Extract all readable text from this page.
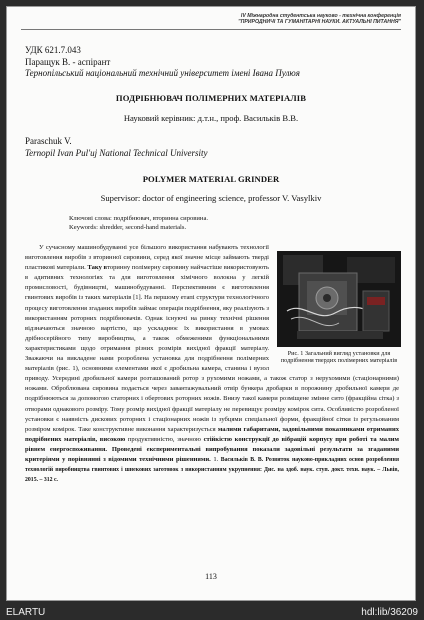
IV Міжнародна студентська науково - технічна конференція
"ПРИРОДНИЧІ ТА ГУМАНІТАРНІ НАУКИ. АКТУАЛЬНІ ПИТАННЯ"
УДК 621.7.043
Паращук В. - аспірант
Тернопільський національний технічний університет імені Івана Пулюя
ПОДРІБНЮВАЧ ПОЛІМЕРНИХ МАТЕРІАЛІВ
Науковий керівник: д.т.н., проф. Васильків В.В.
Paraschuk V.
Ternopil Ivan Pul'uj National Technical University
POLYMER MATERIAL GRINDER
Supervisor: doctor of engineering science, professor V. Vasylkiv
Ключові слова: подрібнювач, вторинна сировина.
Keywords: shredder, second-hand materials.
Рис. 1 Загальний вигляд установки для подрібнення твердих полімерних матеріалів
У сучасному машинобудуванні усе більшого використання набувають технології виготовлення виробів з вторинної сировини, серед якої значне місце займають тверді пластикові матеріали. Таку вторинну полімерну сировину найчастіше використовують в адитивних технологіях та для виготовлення хімічного волокна у легкій промисловості, будівництві, машинобудуванні. Перспективним є виготовлення гвинтових виробів із таких матеріалів [1]. На першому етапі структури технологічного процесу виготовлення згаданих виробів займає операція подрібнення, яку реалізують з використанням роторних подрібнювачів. Однак існуючі на ринку технічні рішення відзначаються значною вартістю, що ускладнює їх використання в умовах дрібносерійного типу виробництва, а також обмеженими функціональними характеристиками щодо отримання різних розмірів вихідної фракції матеріалу. Зважаючи на викладене нами розроблена установка для подрібнення полімерних матеріалів (рис. 1), основними елементами якої є дробильна камера, станина і вузол приводу. Усередині дробильної камери розташований ротор з рухомими ножами, а також статор з нерухомими (стаціонарними) ножами. Оброблювана сировина подається через завантажувальний отвір бункера дробарки в порожнину дробильної камери де подрібнюються за допомогою статорних і обертових роторних ножів. Внизу такої камери розміщене змінне сито (фракційна сітка) з отворами однакового розміру. Тому розмір вихідної фракції матеріалу не перевищує розміру комірок сита. Особливістю розробленої установки є наявність дискових роторних і стаціонарних ножів із зубцями спеціальної форми, фракційної сітки із регульованим розміром комірок. Таке конструктивне виконання характеризується малими габаритами, задовільними показниками отриманих подрібнених матеріалів, високою продуктивністю, значною стійкістю конструкції до вібрацій корпусу при роботі та малим рівнем енергоспоживання. Проведені експериментальні випробування показали задовільні результати за згаданими критеріями у порівнянні з відомими технічними рішеннями. 1. Васильків В. В. Розвиток науково-прикладних основ розроблення технологій виробництва гвинтових і шнекових заготовок з використанням укрупнення: Дис. на здоб. наук. ступ. докт. техн. наук. – Львів, 2015. – 312 с.
113
ELARTU	hdl:lib/36209
